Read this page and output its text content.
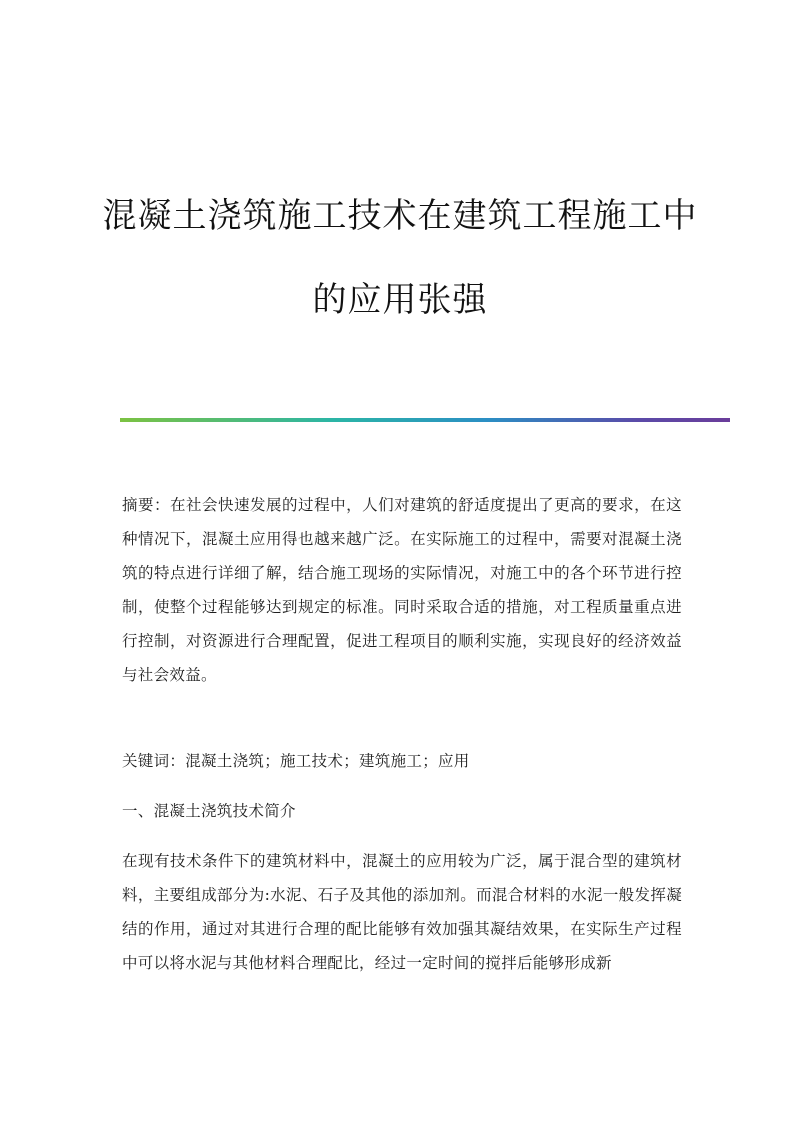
混凝土浇筑施工技术在建筑工程施工中
的应用张强

摘要：在社会快速发展的过程中，人们对建筑的舒适度提出了更高的要求，在这种情况下，混凝土应用得也越来越广泛。在实际施工的过程中，需要对混凝土浇筑的特点进行详细了解，结合施工现场的实际情况，对施工中的各个环节进行控制，使整个过程能够达到规定的标准。同时采取合适的措施，对工程质量重点进行控制，对资源进行合理配置，促进工程项目的顺利实施，实现良好的经济效益与社会效益。

关键词：混凝土浇筑；施工技术；建筑施工；应用

一、混凝土浇筑技术简介

在现有技术条件下的建筑材料中，混凝土的应用较为广泛，属于混合型的建筑材料，主要组成部分为:水泥、石子及其他的添加剂。而混合材料的水泥一般发挥凝结的作用，通过对其进行合理的配比能够有效加强其凝结效果，在实际生产过程中可以将水泥与其他材料合理配比，经过一定时间的搅拌后能够形成新
